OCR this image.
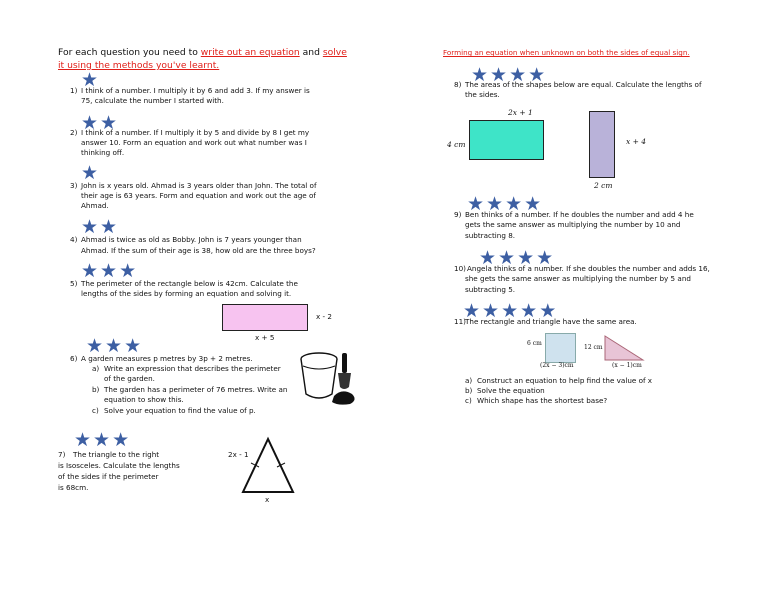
For each question you need to write out an equation and solve
it using the methods you've learnt.
Forming an equation when unknown on both the sides of equal sign.
★
1) I think of a number. I multiply it by 6 and add 3. If my answer is
75, calculate the number I started with.
★ ★
2) I think of a number. If I multiply it by 5 and divide by 8 I get my
answer 10. Form an equation and work out what number was I
thinking off.
★
3) John is x years old. Ahmad is 3 years older than John. The total of
their age is 63 years. Form and equation and work out the age of
Ahmad.
★ ★
4) Ahmad is twice as old as Bobby. John is 7 years younger than
Ahmad. If the sum of their age is 38, how old are the three boys?
★ ★ ★
5) The perimeter of the rectangle below is 42cm. Calculate the
lengths of the sides by forming an equation and solving it.
x - 2
x + 5
★ ★ ★
6) A garden measures p metres by 3p + 2 metres.
a) Write an expression that describes the perimeter
of the garden.
b) The garden has a perimeter of 76 metres. Write an
equation to show this.
c) Solve your equation to find the value of p.
★ ★ ★
7) The triangle to the right
is Isosceles. Calculate the lengths
of the sides if the perimeter
is 68cm.
2x - 1
x
★ ★ ★ ★
8) The areas of the shapes below are equal. Calculate the lengths of
the sides.
2x + 1
4 cm	x + 4
2 cm
★ ★ ★ ★
9) Ben thinks of a number. If he doubles the number and add 4 he
gets the same answer as multiplying the number by 10 and
subtracting 8.
★ ★ ★ ★
10)Angela thinks of a number. If she doubles the number and adds 16,
she gets the same answer as multiplying the number by 5 and
subtracting 5.
★ ★ ★ ★ ★
11)The rectangle and triangle have the same area.
6 cm
(2x − 3)cm
12 cm
(x − 1)cm
a) Construct an equation to help find the value of x
b) Solve the equation
c) Which shape has the shortest base?
